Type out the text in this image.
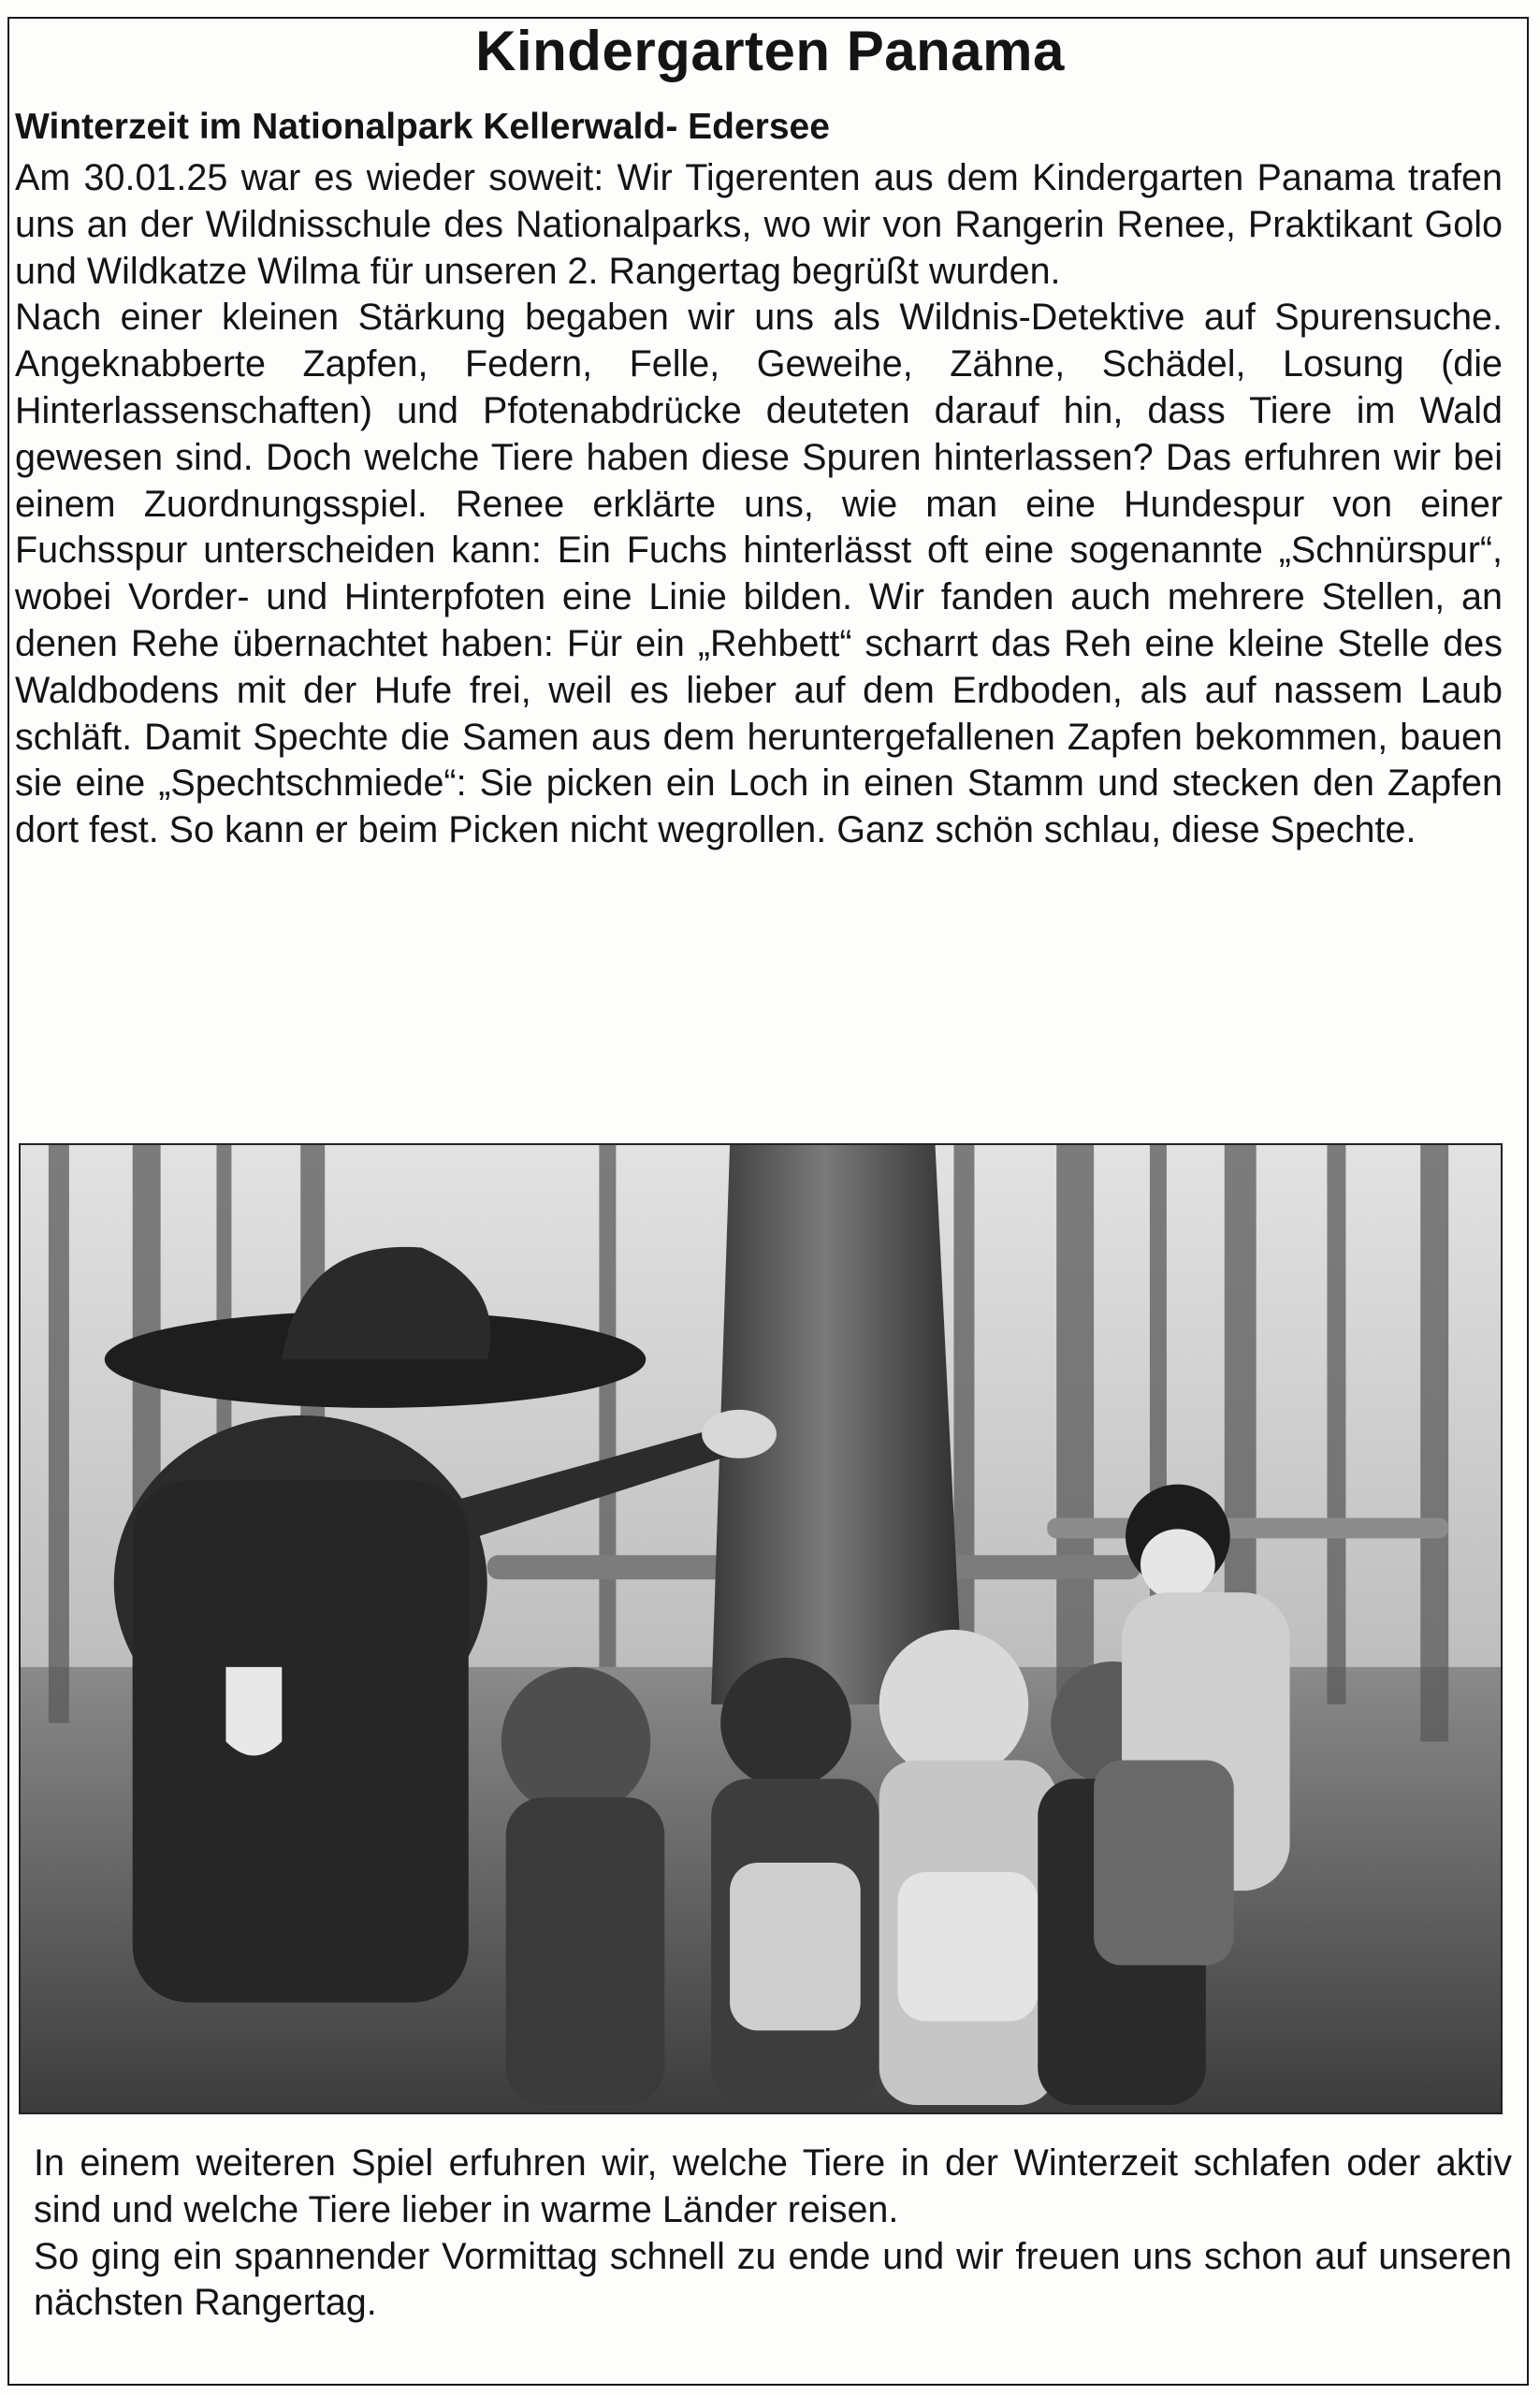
Kindergarten Panama
Winterzeit im Nationalpark Kellerwald- Edersee

Am 30.01.25 war es wieder soweit: Wir Tigerenten aus dem Kindergarten Panama trafen uns an der Wildnisschule des Nationalparks, wo wir von Rangerin Renee, Praktikant Golo und Wildkatze Wilma für unseren 2. Rangertag begrüßt wurden.

Nach einer kleinen Stärkung begaben wir uns als Wildnis-Detektive auf Spurensuche. Angeknabberte Zapfen, Federn, Felle, Geweihe, Zähne, Schädel, Losung (die Hinterlassenschaften) und Pfotenabdrücke deuteten darauf hin, dass Tiere im Wald gewesen sind. Doch welche Tiere haben diese Spuren hinterlassen? Das erfuhren wir bei einem Zuordnungsspiel. Renee erklärte uns, wie man eine Hundespur von einer Fuchsspur unterscheiden kann: Ein Fuchs hinterlässt oft eine sogenannte „Schnürspur“, wobei Vorder- und Hinterpfoten eine Linie bilden. Wir fanden auch mehrere Stellen, an denen Rehe übernachtet haben: Für ein „Rehbett“ scharrt das Reh eine kleine Stelle des Waldbodens mit der Hufe frei, weil es lieber auf dem Erdboden, als auf nassem Laub schläft. Damit Spechte die Samen aus dem heruntergefallenen Zapfen bekommen, bauen sie eine „Spechtschmiede“: Sie picken ein Loch in einen Stamm und stecken den Zapfen dort fest. So kann er beim Picken nicht wegrollen. Ganz schön schlau, diese Spechte.

In einem weiteren Spiel erfuhren wir, welche Tiere in der Winterzeit schlafen oder aktiv sind und welche Tiere lieber in warme Länder reisen.

So ging ein spannender Vormittag schnell zu ende und wir freuen uns schon auf unseren nächsten Rangertag.
